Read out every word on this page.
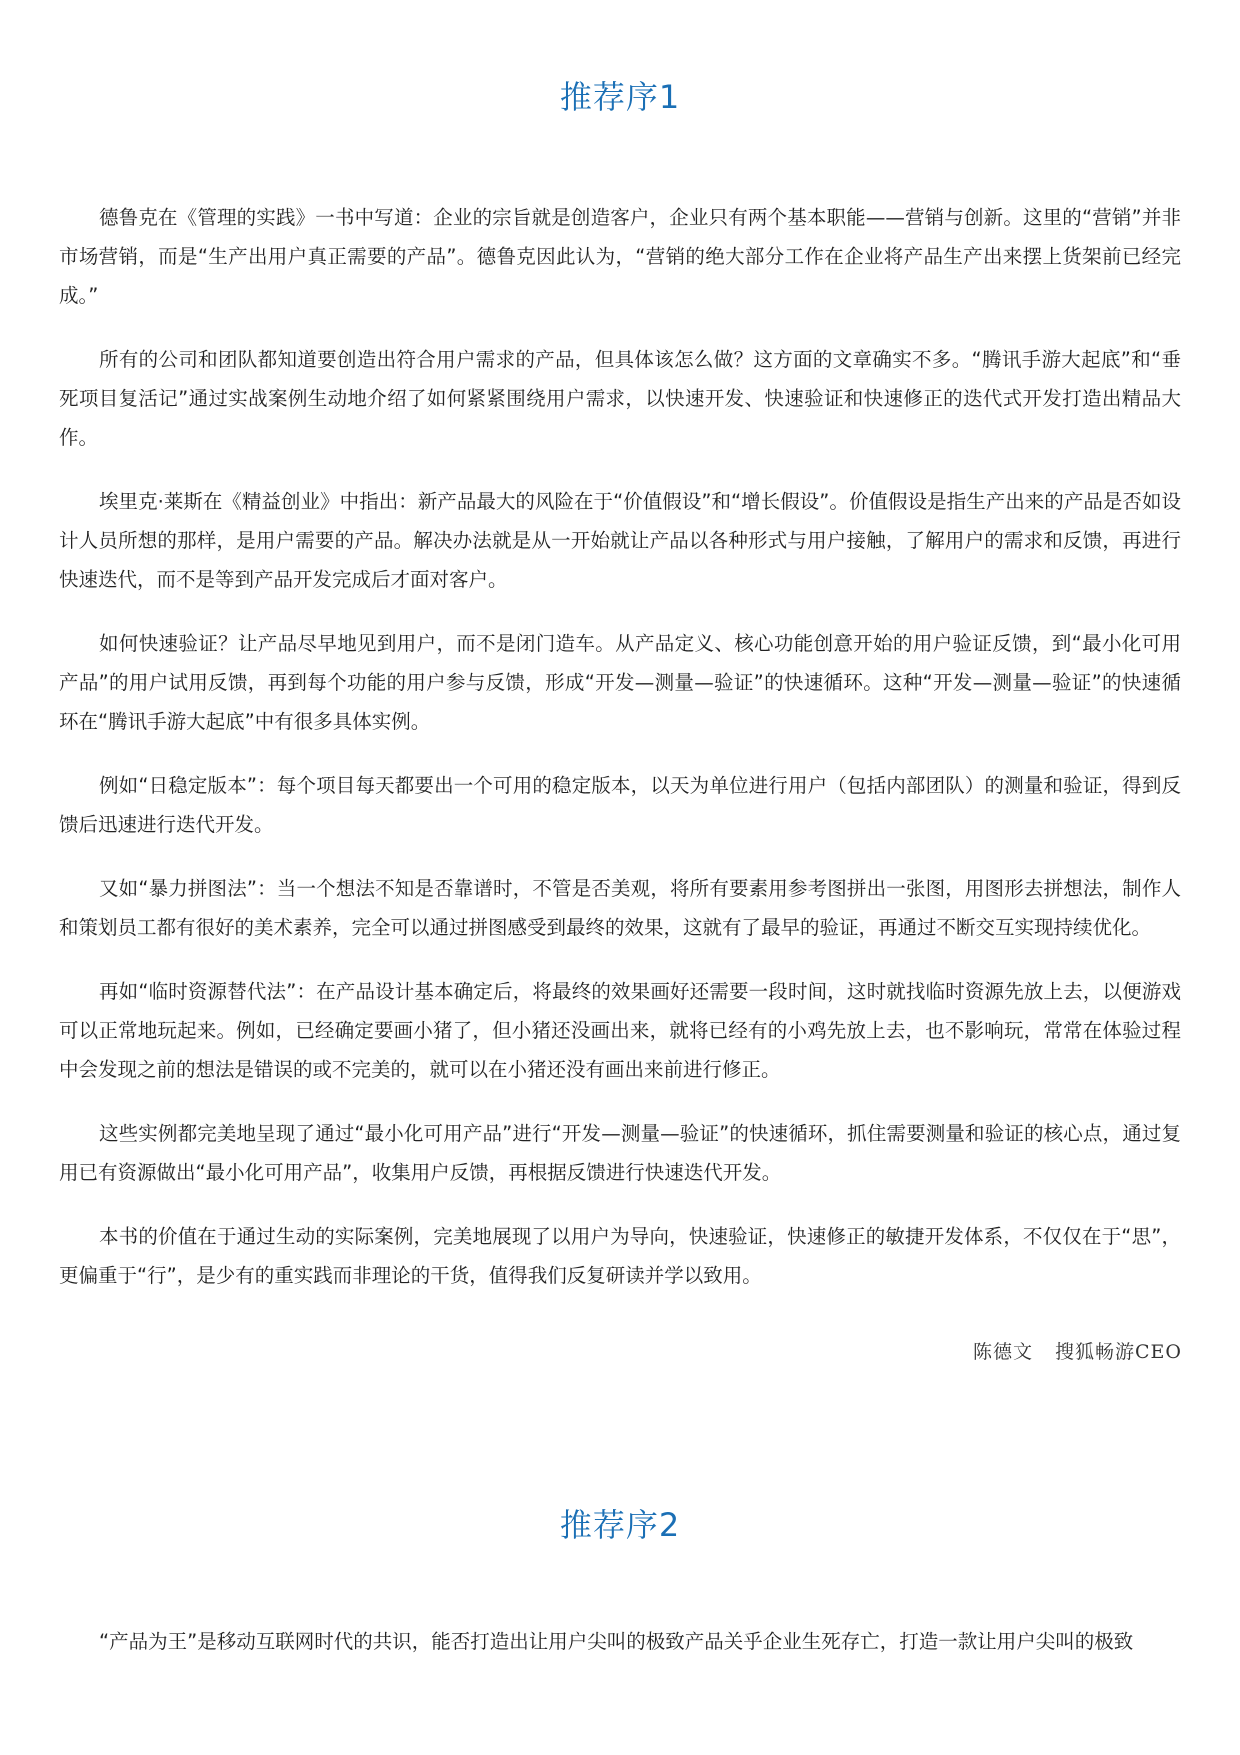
推荐序1

德鲁克在《管理的实践》一书中写道：企业的宗旨就是创造客户，企业只有两个基本职能——营销与创新。这里的“营销”并非市场营销，而是“生产出用户真正需要的产品”。德鲁克因此认为，“营销的绝大部分工作在企业将产品生产出来摆上货架前已经完成。”

所有的公司和团队都知道要创造出符合用户需求的产品，但具体该怎么做？这方面的文章确实不多。“腾讯手游大起底”和“垂死项目复活记”通过实战案例生动地介绍了如何紧紧围绕用户需求，以快速开发、快速验证和快速修正的迭代式开发打造出精品大作。

埃里克·莱斯在《精益创业》中指出：新产品最大的风险在于“价值假设”和“增长假设”。价值假设是指生产出来的产品是否如设计人员所想的那样，是用户需要的产品。解决办法就是从一开始就让产品以各种形式与用户接触，了解用户的需求和反馈，再进行快速迭代，而不是等到产品开发完成后才面对客户。

如何快速验证？让产品尽早地见到用户，而不是闭门造车。从产品定义、核心功能创意开始的用户验证反馈，到“最小化可用产品”的用户试用反馈，再到每个功能的用户参与反馈，形成“开发—测量—验证”的快速循环。这种“开发—测量—验证”的快速循环在“腾讯手游大起底”中有很多具体实例。

例如“日稳定版本”：每个项目每天都要出一个可用的稳定版本，以天为单位进行用户（包括内部团队）的测量和验证，得到反馈后迅速进行迭代开发。

又如“暴力拼图法”：当一个想法不知是否靠谱时，不管是否美观，将所有要素用参考图拼出一张图，用图形去拼想法，制作人和策划员工都有很好的美术素养，完全可以通过拼图感受到最终的效果，这就有了最早的验证，再通过不断交互实现持续优化。

再如“临时资源替代法”：在产品设计基本确定后，将最终的效果画好还需要一段时间，这时就找临时资源先放上去，以便游戏可以正常地玩起来。例如，已经确定要画小猪了，但小猪还没画出来，就将已经有的小鸡先放上去，也不影响玩，常常在体验过程中会发现之前的想法是错误的或不完美的，就可以在小猪还没有画出来前进行修正。

这些实例都完美地呈现了通过“最小化可用产品”进行“开发—测量—验证”的快速循环，抓住需要测量和验证的核心点，通过复用已有资源做出“最小化可用产品”，收集用户反馈，再根据反馈进行快速迭代开发。

本书的价值在于通过生动的实际案例，完美地展现了以用户为导向，快速验证，快速修正的敏捷开发体系，不仅仅在于“思”，更偏重于“行”，是少有的重实践而非理论的干货，值得我们反复研读并学以致用。

陈德文 搜狐畅游CEO
推荐序2

“产品为王”是移动互联网时代的共识，能否打造出让用户尖叫的极致产品关乎企业生死存亡，打造一款让用户尖叫的极致
